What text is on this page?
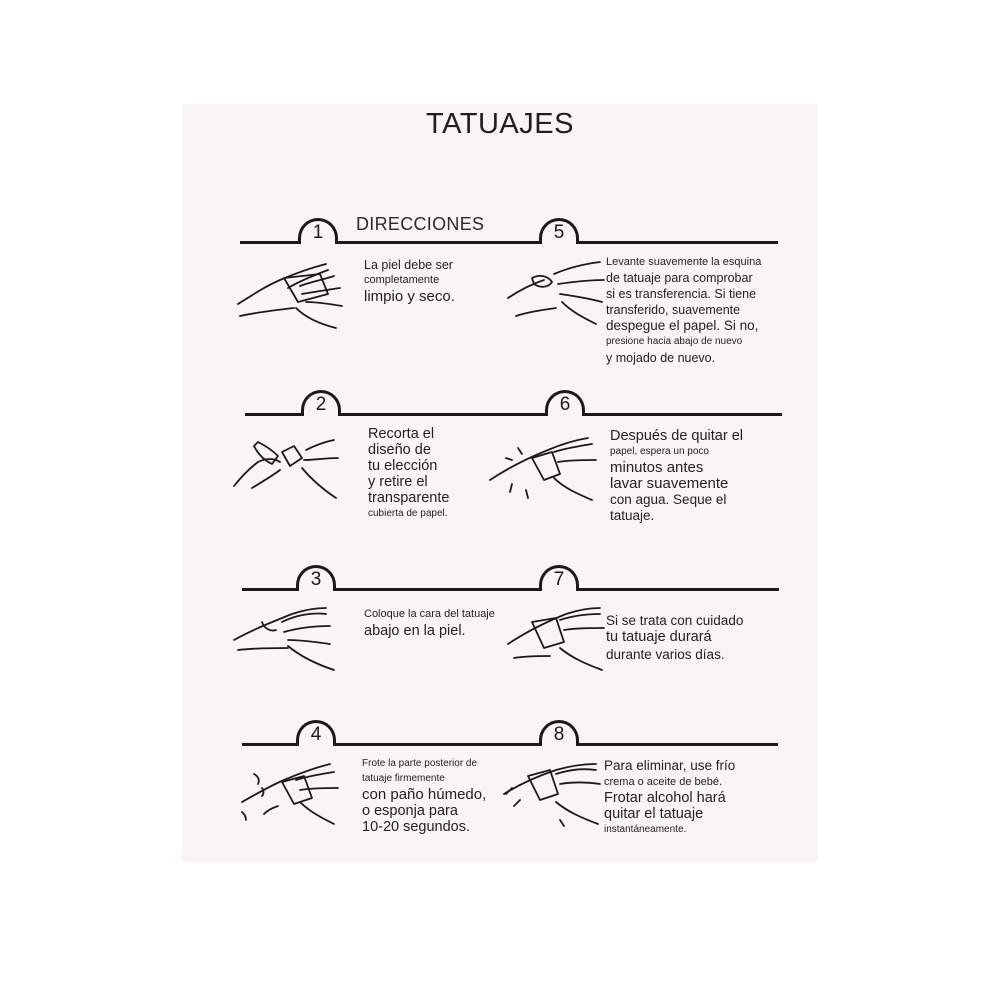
TATUAJES
DIRECCIONES
1	5
2	6
3	7
4	8
La piel debe ser
completamente
limpio y seco.
Recorta el
diseño de
tu elección
y retire el
transparente
cubierta de papel.
Coloque la cara del tatuaje
abajo en la piel.
Frote la parte posterior de
tatuaje firmemente
con paño húmedo,
o esponja para
10-20 segundos.
Levante suavemente la esquina
de tatuaje para comprobar
si es transferencia. Si tiene
transferido, suavemente
despegue el papel. Si no,
presione hacia abajo de nuevo
y mojado de nuevo.
Después de quitar el
papel, espera un poco
minutos antes
lavar suavemente
con agua. Seque el
tatuaje.
Si se trata con cuidado
tu tatuaje durará
durante varios días.
Para eliminar, use frío
crema o aceite de bebé.
Frotar alcohol hará
quitar el tatuaje
instantáneamente.
